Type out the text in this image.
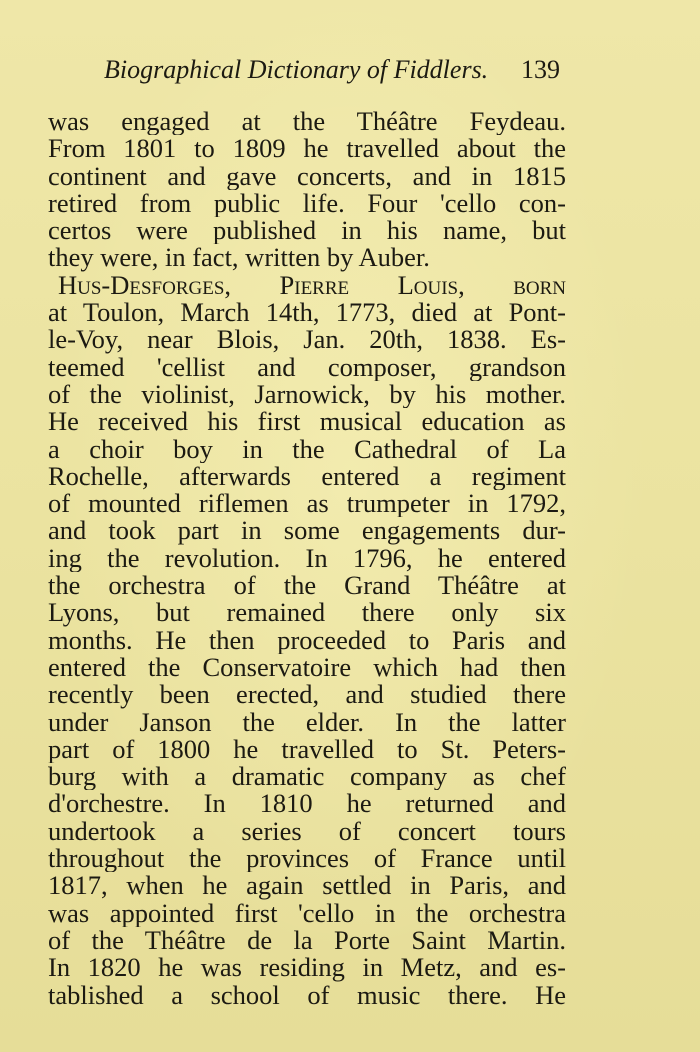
Biographical Dictionary of Fiddlers. 139
was engaged at the Théâtre Feydeau.
From 1801 to 1809 he travelled about the
continent and gave concerts, and in 1815
retired from public life. Four 'cello con-
certos were published in his name, but
they were, in fact, written by Auber.
Hus-Desforges, Pierre Louis, born
at Toulon, March 14th, 1773, died at Pont-
le-Voy, near Blois, Jan. 20th, 1838. Es-
teemed 'cellist and composer, grandson
of the violinist, Jarnowick, by his mother.
He received his first musical education as
a choir boy in the Cathedral of La
Rochelle, afterwards entered a regiment
of mounted riflemen as trumpeter in 1792,
and took part in some engagements dur-
ing the revolution. In 1796, he entered
the orchestra of the Grand Théâtre at
Lyons, but remained there only six
months. He then proceeded to Paris and
entered the Conservatoire which had then
recently been erected, and studied there
under Janson the elder. In the latter
part of 1800 he travelled to St. Peters-
burg with a dramatic company as chef
d'orchestre. In 1810 he returned and
undertook a series of concert tours
throughout the provinces of France until
1817, when he again settled in Paris, and
was appointed first 'cello in the orchestra
of the Théâtre de la Porte Saint Martin.
In 1820 he was residing in Metz, and es-
tablished a school of music there. He
